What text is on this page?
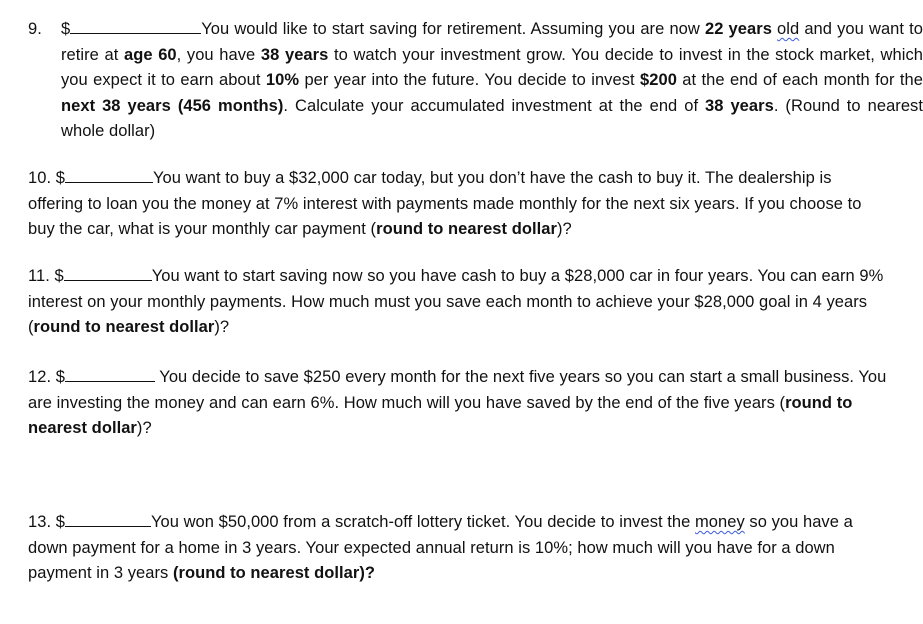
9. $	You would like to start saving for retirement. Assuming you are now 22 years old and you want to retire at age 60, you have 38 years to watch your investment grow. You decide to invest in the stock market, which you expect it to earn about 10% per year into the future. You decide to invest $200 at the end of each month for the next 38 years (456 months). Calculate your accumulated investment at the end of 38 years. (Round to nearest whole dollar)
10. $	You want to buy a $32,000 car today, but you don’t have the cash to buy it. The dealership is offering to loan you the money at 7% interest with payments made monthly for the next six years. If you choose to buy the car, what is your monthly car payment (round to nearest dollar)?
11. $	You want to start saving now so you have cash to buy a $28,000 car in four years. You can earn 9% interest on your monthly payments. How much must you save each month to achieve your $28,000 goal in 4 years (round to nearest dollar)?
12. $	You decide to save $250 every month for the next five years so you can start a small business. You are investing the money and can earn 6%. How much will you have saved by the end of the five years (round to nearest dollar)?
13. $	You won $50,000 from a scratch-off lottery ticket. You decide to invest the money so you have a down payment for a home in 3 years. Your expected annual return is 10%; how much will you have for a down payment in 3 years (round to nearest dollar)?
